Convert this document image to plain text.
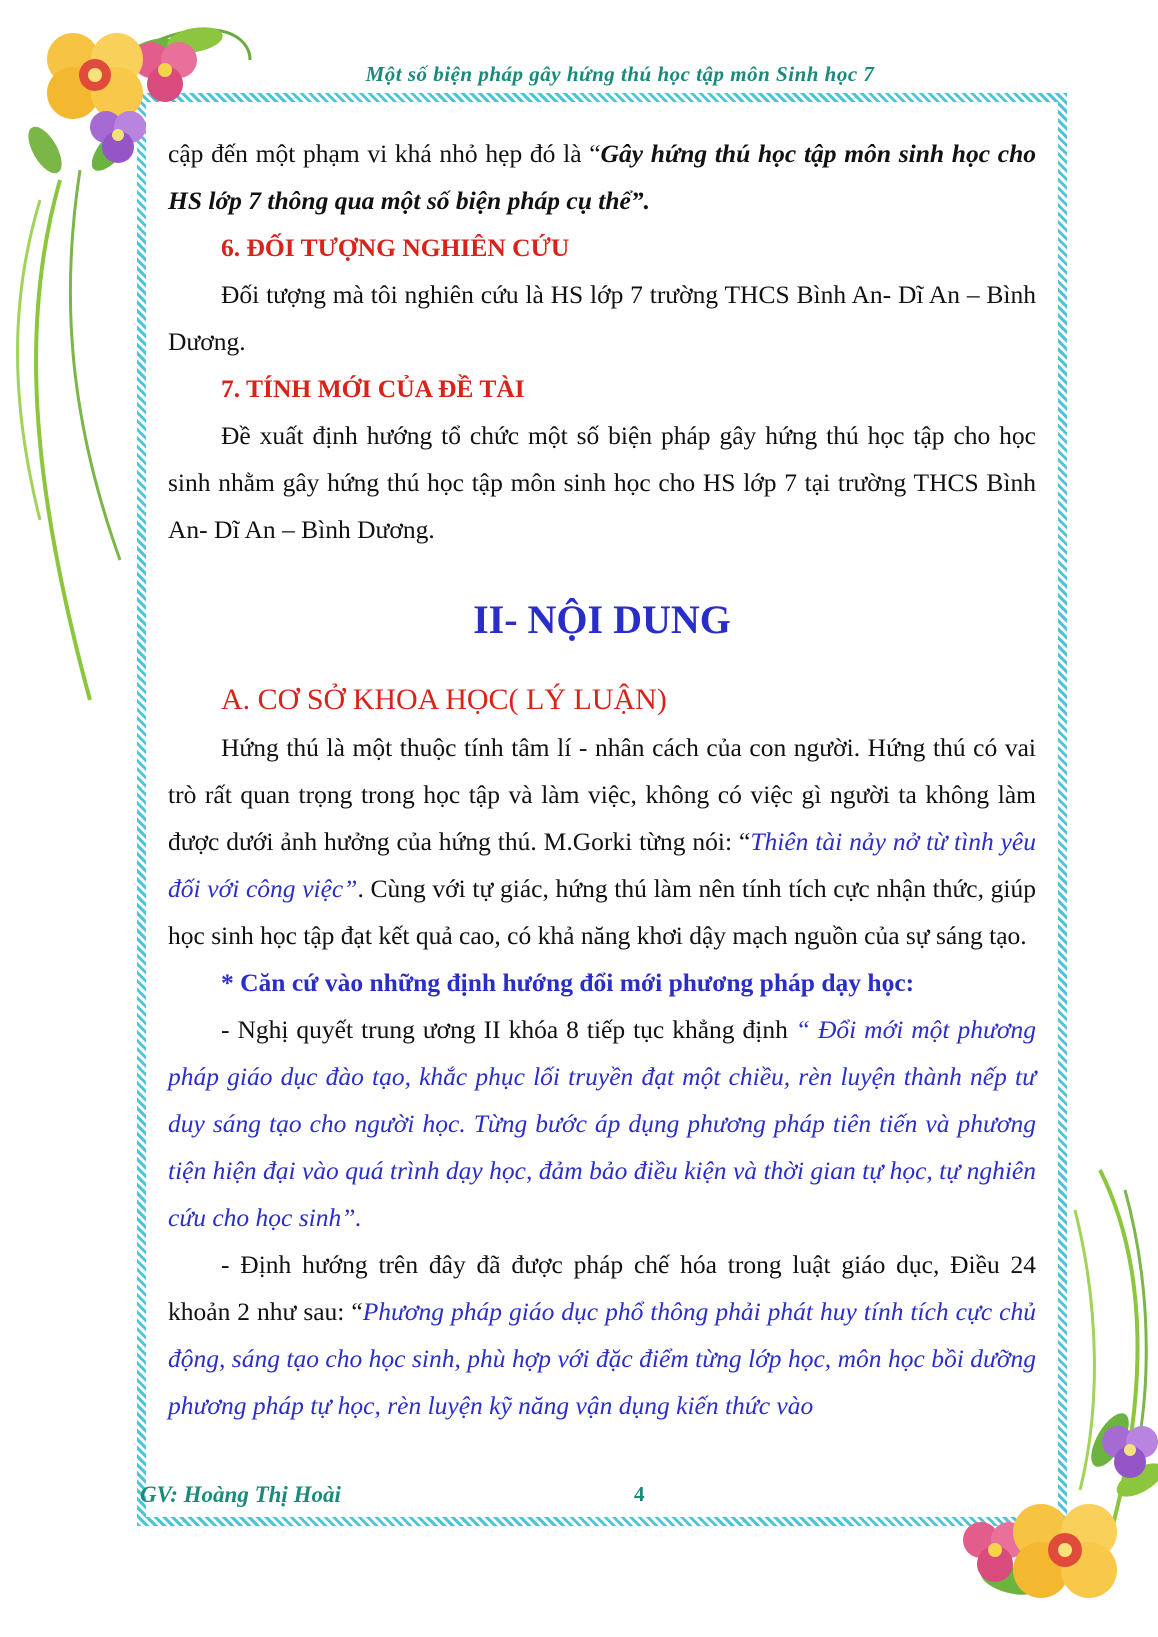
Một số biện pháp gây hứng thú học tập môn Sinh học 7

cập đến một phạm vi khá nhỏ hẹp đó là “Gây hứng thú học tập môn sinh học cho HS lớp 7 thông qua một số biện pháp cụ thể”.

6. ĐỐI TƯỢNG NGHIÊN CỨU

Đối tượng mà tôi nghiên cứu là HS lớp 7 trường THCS Bình An- Dĩ An – Bình Dương.

7. TÍNH MỚI CỦA ĐỀ TÀI

Đề xuất định hướng tổ chức một số biện pháp gây hứng thú học tập cho học sinh nhằm gây hứng thú học tập môn sinh học cho HS lớp 7 tại trường THCS Bình An- Dĩ An – Bình Dương.

II- NỘI DUNG

A. CƠ SỞ KHOA HỌC( LÝ LUẬN)

Hứng thú là một thuộc tính tâm lí - nhân cách của con người. Hứng thú có vai trò rất quan trọng trong học tập và làm việc, không có việc gì người ta không làm được dưới ảnh hưởng của hứng thú. M.Gorki từng nói: “Thiên tài nảy nở từ tình yêu đối với công việc”. Cùng với tự giác, hứng thú làm nên tính tích cực nhận thức, giúp học sinh học tập đạt kết quả cao, có khả năng khơi dậy mạch nguồn của sự sáng tạo.

* Căn cứ vào những định hướng đổi mới phương pháp dạy học:

- Nghị quyết trung ương II khóa 8 tiếp tục khẳng định “ Đổi mới một phương pháp giáo dục đào tạo, khắc phục lối truyền đạt một chiều, rèn luyện thành nếp tư duy sáng tạo cho người học. Từng bước áp dụng phương pháp tiên tiến và phương tiện hiện đại vào quá trình dạy học, đảm bảo điều kiện và thời gian tự học, tự nghiên cứu cho học sinh”.

- Định hướng trên đây đã được pháp chế hóa trong luật giáo dục, Điều 24 khoản 2 như sau: “Phương pháp giáo dục phổ thông phải phát huy tính tích cực chủ động, sáng tạo cho học sinh, phù hợp với đặc điểm từng lớp học, môn học bồi dưỡng phương pháp tự học, rèn luyện kỹ năng vận dụng kiến thức vào

GV: Hoàng Thị Hoài	4
